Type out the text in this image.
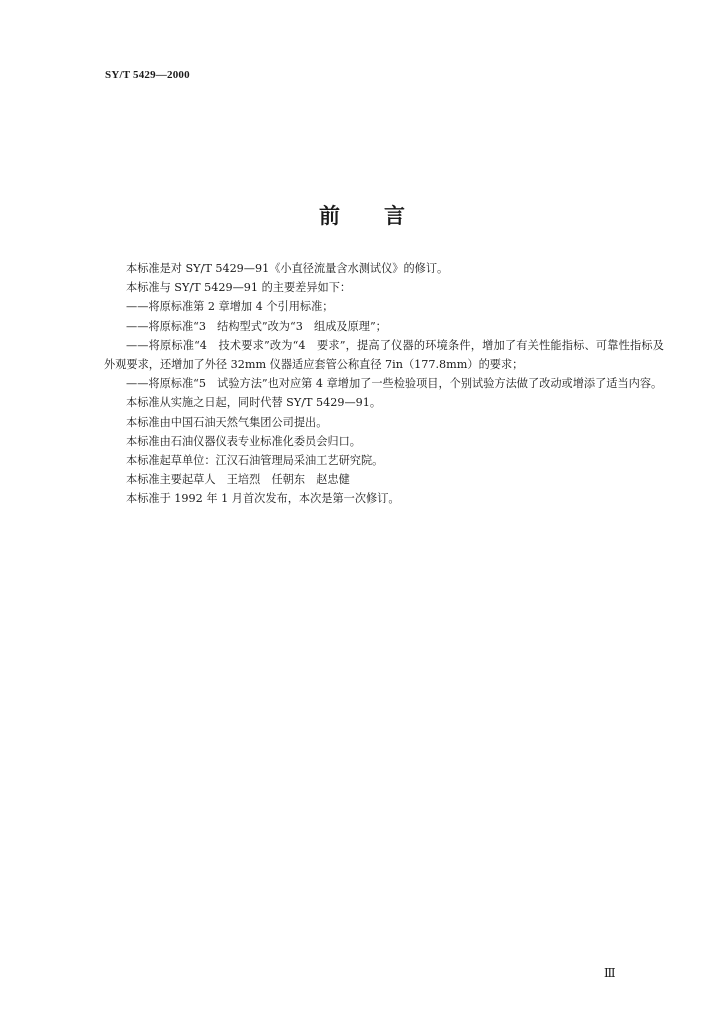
SY/T 5429—2000
前言

本标准是对 SY/T 5429—91《小直径流量含水测试仪》的修订。

本标准与 SY/T 5429—91 的主要差异如下：

——将原标准第 2 章增加 4 个引用标准；

——将原标准“3　结构型式”改为“3　组成及原理”；

——将原标准“4　技术要求”改为“4　要求”，提高了仪器的环境条件，增加了有关性能指标、可靠性指标及外观要求，还增加了外径 32mm 仪器适应套管公称直径 7in（177.8mm）的要求；

——将原标准“5　试验方法”也对应第 4 章增加了一些检验项目，个别试验方法做了改动或增添了适当内容。

本标准从实施之日起，同时代替 SY/T 5429—91。

本标准由中国石油天然气集团公司提出。

本标准由石油仪器仪表专业标准化委员会归口。

本标准起草单位：江汉石油管理局采油工艺研究院。

本标准主要起草人　王培烈　任朝东　赵忠健

本标准于 1992 年 1 月首次发布，本次是第一次修订。

Ⅲ
